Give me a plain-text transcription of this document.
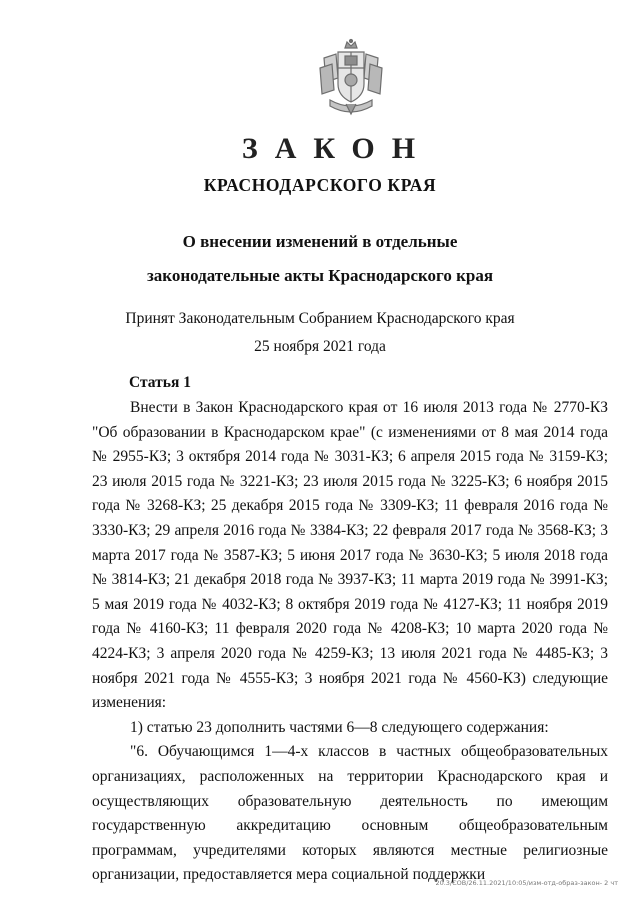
ЗАКОН
КРАСНОДАРСКОГО КРАЯ
О внесении изменений в отдельные
законодательные акты Краснодарского края
Принят Законодательным Собранием Краснодарского края
25 ноября 2021 года
Статья 1

Внести в Закон Краснодарского края от 16 июля 2013 года № 2770-КЗ "Об образовании в Краснодарском крае" (с изменениями от 8 мая 2014 года № 2955-КЗ; 3 октября 2014 года № 3031-КЗ; 6 апреля 2015 года № 3159-КЗ; 23 июля 2015 года № 3221-КЗ; 23 июля 2015 года № 3225-КЗ; 6 ноября 2015 года № 3268-КЗ; 25 декабря 2015 года № 3309-КЗ; 11 февраля 2016 года № 3330-КЗ; 29 апреля 2016 года № 3384-КЗ; 22 февраля 2017 года № 3568-КЗ; 3 марта 2017 года № 3587-КЗ; 5 июня 2017 года № 3630-КЗ; 5 июля 2018 года № 3814-КЗ; 21 декабря 2018 года № 3937-КЗ; 11 марта 2019 года № 3991-КЗ; 5 мая 2019 года № 4032-КЗ; 8 октября 2019 года № 4127-КЗ; 11 ноября 2019 года № 4160-КЗ; 11 февраля 2020 года № 4208-КЗ; 10 марта 2020 года № 4224-КЗ; 3 апреля 2020 года № 4259-КЗ; 13 июля 2021 года № 4485-КЗ; 3 ноября 2021 года № 4555-КЗ; 3 ноября 2021 года № 4560-КЗ) следующие изменения:

1) статью 23 дополнить частями 6—8 следующего содержания:

"6. Обучающимся 1—4-х классов в частных общеобразовательных организациях, расположенных на территории Краснодарского края и осуществляющих образовательную деятельность по имеющим государственную аккредитацию основным общеобразовательным программам, учредителями которых являются местные религиозные организации, предоставляется мера социальной поддержки

20.3/CОВ/26.11.2021/10:05/изм-отд-образ-закон- 2 чт
